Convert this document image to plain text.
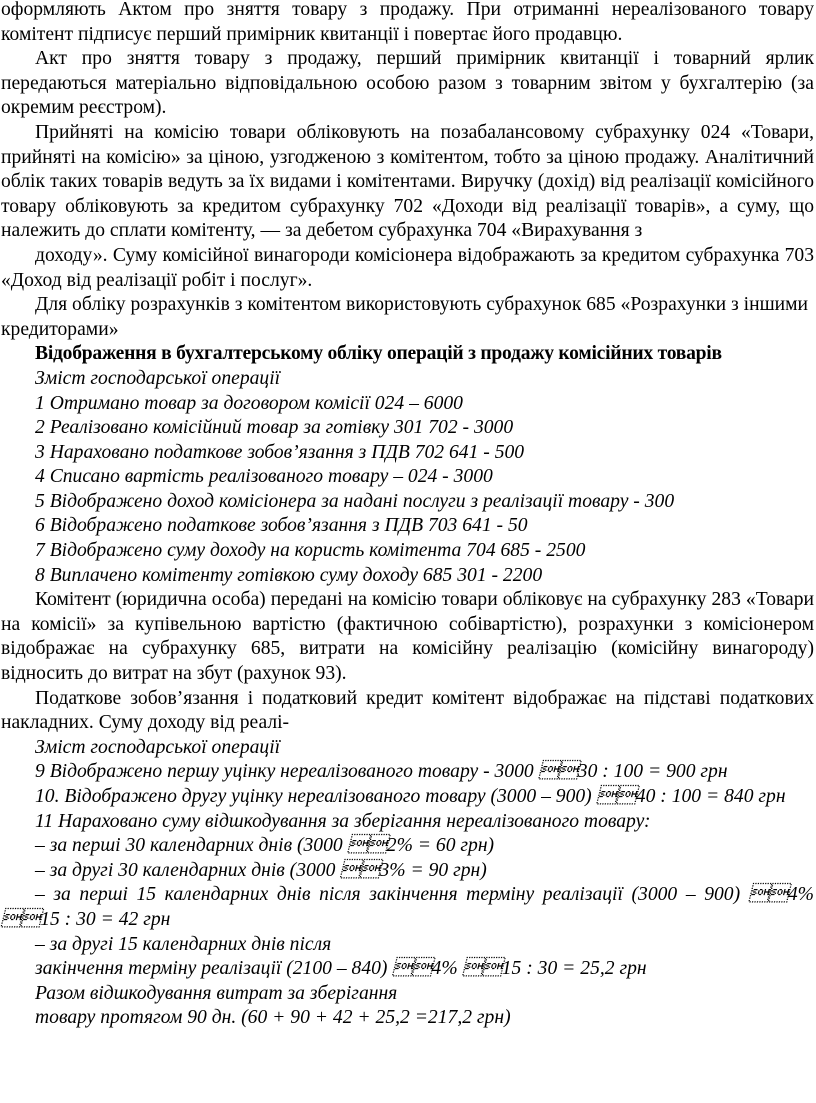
оформляють Актом про зняття товару з продажу. При отриманні нереалізованого товару комітент підписує перший примірник квитанції і повертає його продавцю.

Акт про зняття товару з продажу, перший примірник квитанції і товарний ярлик передаються матеріально відповідальною особою разом з товарним звітом у бухгалтерію (за окремим реєстром).

Прийняті на комісію товари обліковують на позабалансовому субрахунку 024 «Товари, прийняті на комісію» за ціною, узгодженою з комітентом, тобто за ціною продажу. Аналітичний облік таких товарів ведуть за їх видами і комітентами. Виручку (дохід) від реалізації комісійного товару обліковують за кредитом субрахунку 702 «Доходи від реалізації товарів», а суму, що належить до сплати комітенту, — за дебетом субрахунка 704 «Вирахування з

доходу». Суму комісійної винагороди комісіонера відображають за кредитом субрахунка 703 «Доход від реалізації робіт і послуг».

Для обліку розрахунків з комітентом використовують субрахунок 685 «Розрахунки з іншими кредиторами»

Відображення в бухгалтерському обліку операцій з продажу комісійних товарів

Зміст господарської операції

1 Отримано товар за договором комісії 024 – 6000

2 Реалізовано комісійний товар за готівку 301 702 - 3000

3 Нараховано податкове зобов’язання з ПДВ 702 641 - 500

4 Списано вартість реалізованого товару – 024 - 3000

5 Відображено доход комісіонера за надані послуги з реалізації товару - 300

6 Відображено податкове зобов’язання з ПДВ 703 641 - 50

7 Відображено суму доходу на користь комітента 704 685 - 2500

8 Виплачено комітенту готівкою суму доходу 685 301 - 2200

Комітент (юридична особа) передані на комісію товари обліковує на субрахунку 283 «Товари на комісії» за купівельною вартістю (фактичною собівартістю), розрахунки з комісіонером відображає на субрахунку 685, витрати на комісійну реалізацію (комісійну винагороду) відносить до витрат на збут (рахунок 93).

Податкове зобов’язання і податковий кредит комітент відображає на підставі податкових накладних. Суму доходу від реалі-

Зміст господарської операції

9 Відображено першу уцінку нереалізованого товару - 3000 30 : 100 = 900 грн

10. Відображено другу уцінку нереалізованого товару (3000 – 900) 40 : 100 = 840 грн

11 Нараховано суму відшкодування за зберігання нереалізованого товару:

– за перші 30 календарних днів (3000 2% = 60 грн)

– за другі 30 календарних днів (3000 3% = 90 грн)

– за перші 15 календарних днів після закінчення терміну реалізації (3000 – 900) 4% 15 : 30 = 42 грн

– за другі 15 календарних днів після

закінчення терміну реалізації (2100 – 840) 4% 15 : 30 = 25,2 грн

Разом відшкодування витрат за зберігання

товару протягом 90 дн. (60 + 90 + 42 + 25,2 =217,2 грн)
